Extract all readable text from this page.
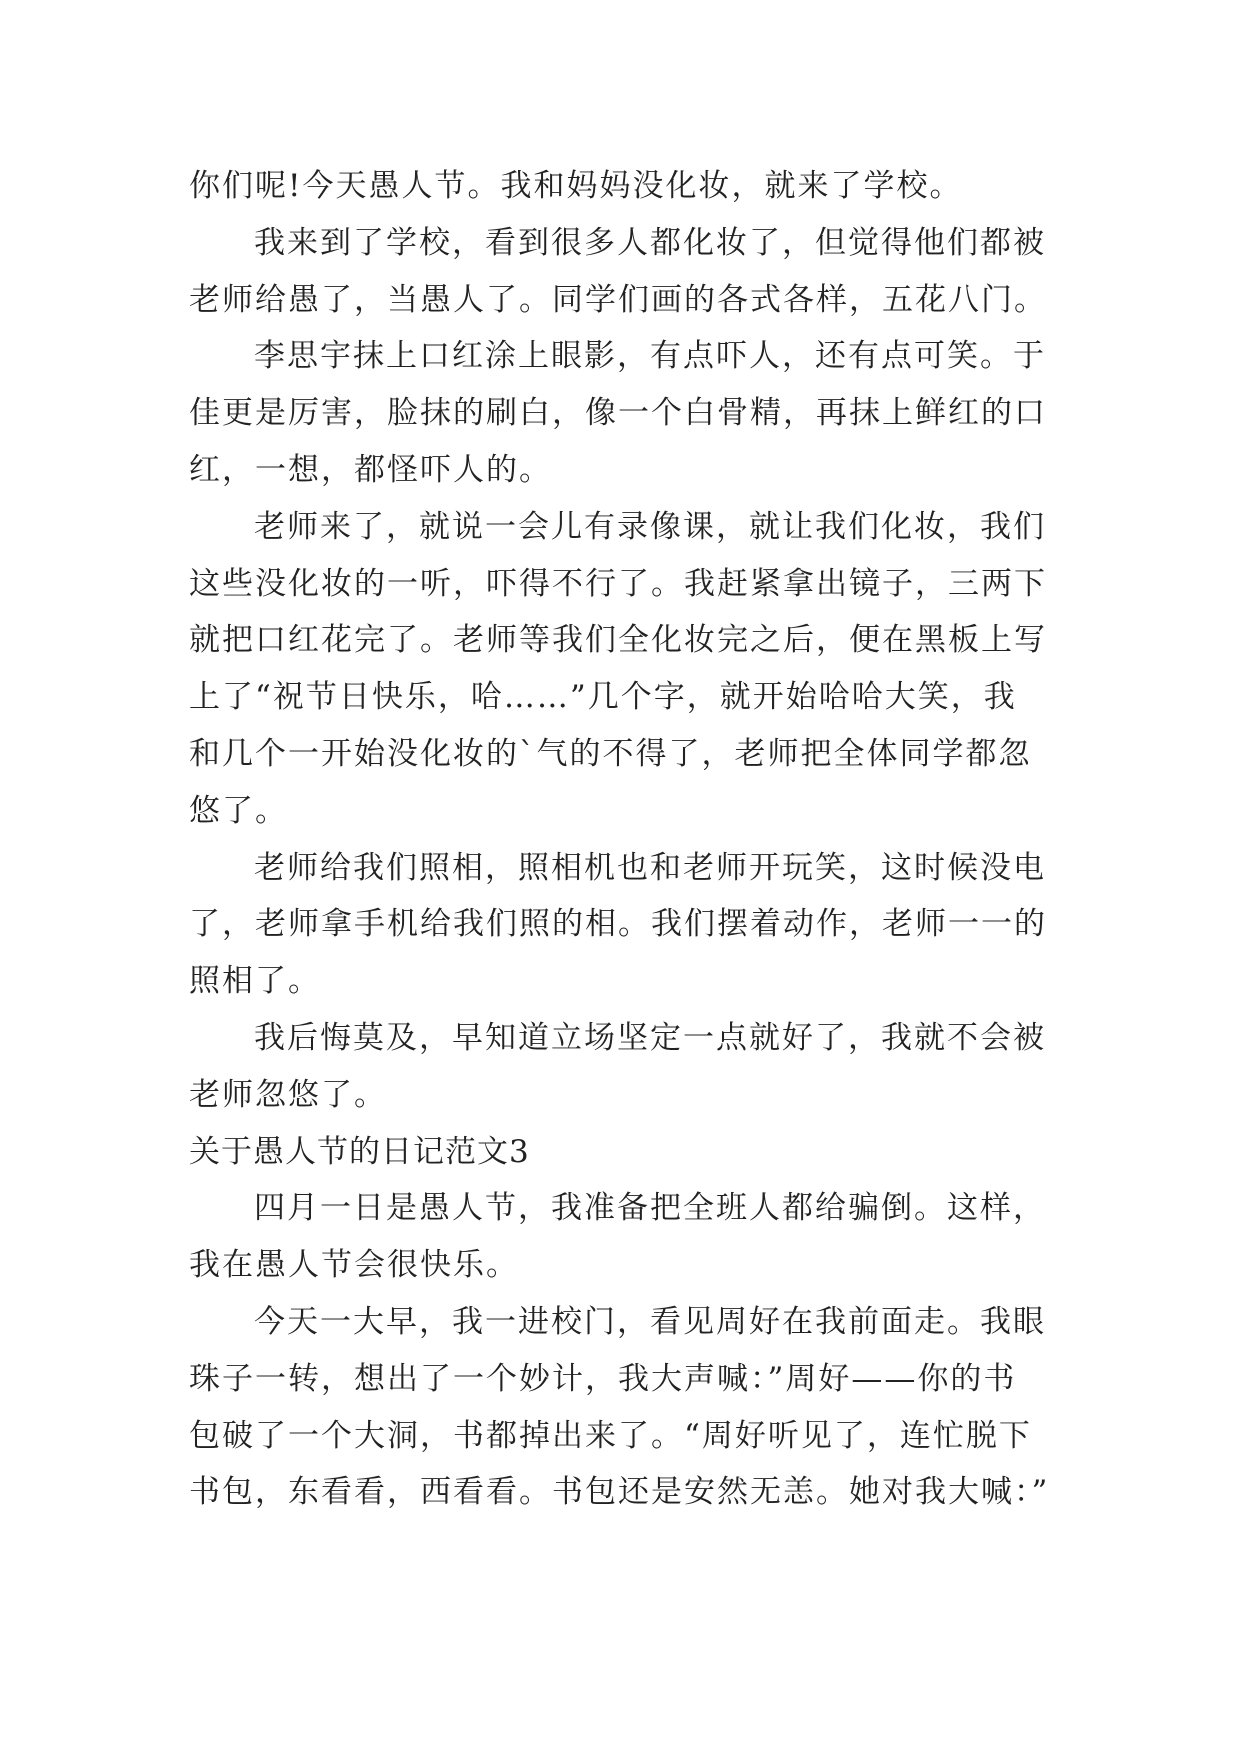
你们呢!今天愚人节。我和妈妈没化妆，就来了学校。
我来到了学校，看到很多人都化妆了，但觉得他们都被
老师给愚了，当愚人了。同学们画的各式各样，五花八门。
李思宇抹上口红涂上眼影，有点吓人，还有点可笑。于
佳更是厉害，脸抹的刷白，像一个白骨精，再抹上鲜红的口
红，一想，都怪吓人的。
老师来了，就说一会儿有录像课，就让我们化妆，我们
这些没化妆的一听，吓得不行了。我赶紧拿出镜子，三两下
就把口红花完了。老师等我们全化妆完之后，便在黑板上写
上了“祝节日快乐，哈……”几个字，就开始哈哈大笑，我
和几个一开始没化妆的`气的不得了，老师把全体同学都忽
悠了。
老师给我们照相，照相机也和老师开玩笑，这时候没电
了，老师拿手机给我们照的相。我们摆着动作，老师一一的
照相了。
我后悔莫及，早知道立场坚定一点就好了，我就不会被
老师忽悠了。
关于愚人节的日记范文3
四月一日是愚人节，我准备把全班人都给骗倒。这样，
我在愚人节会很快乐。
今天一大早，我一进校门，看见周好在我前面走。我眼
珠子一转，想出了一个妙计，我大声喊：”周好——你的书
包破了一个大洞，书都掉出来了。“周好听见了，连忙脱下
书包，东看看，西看看。书包还是安然无恙。她对我大喊：”
